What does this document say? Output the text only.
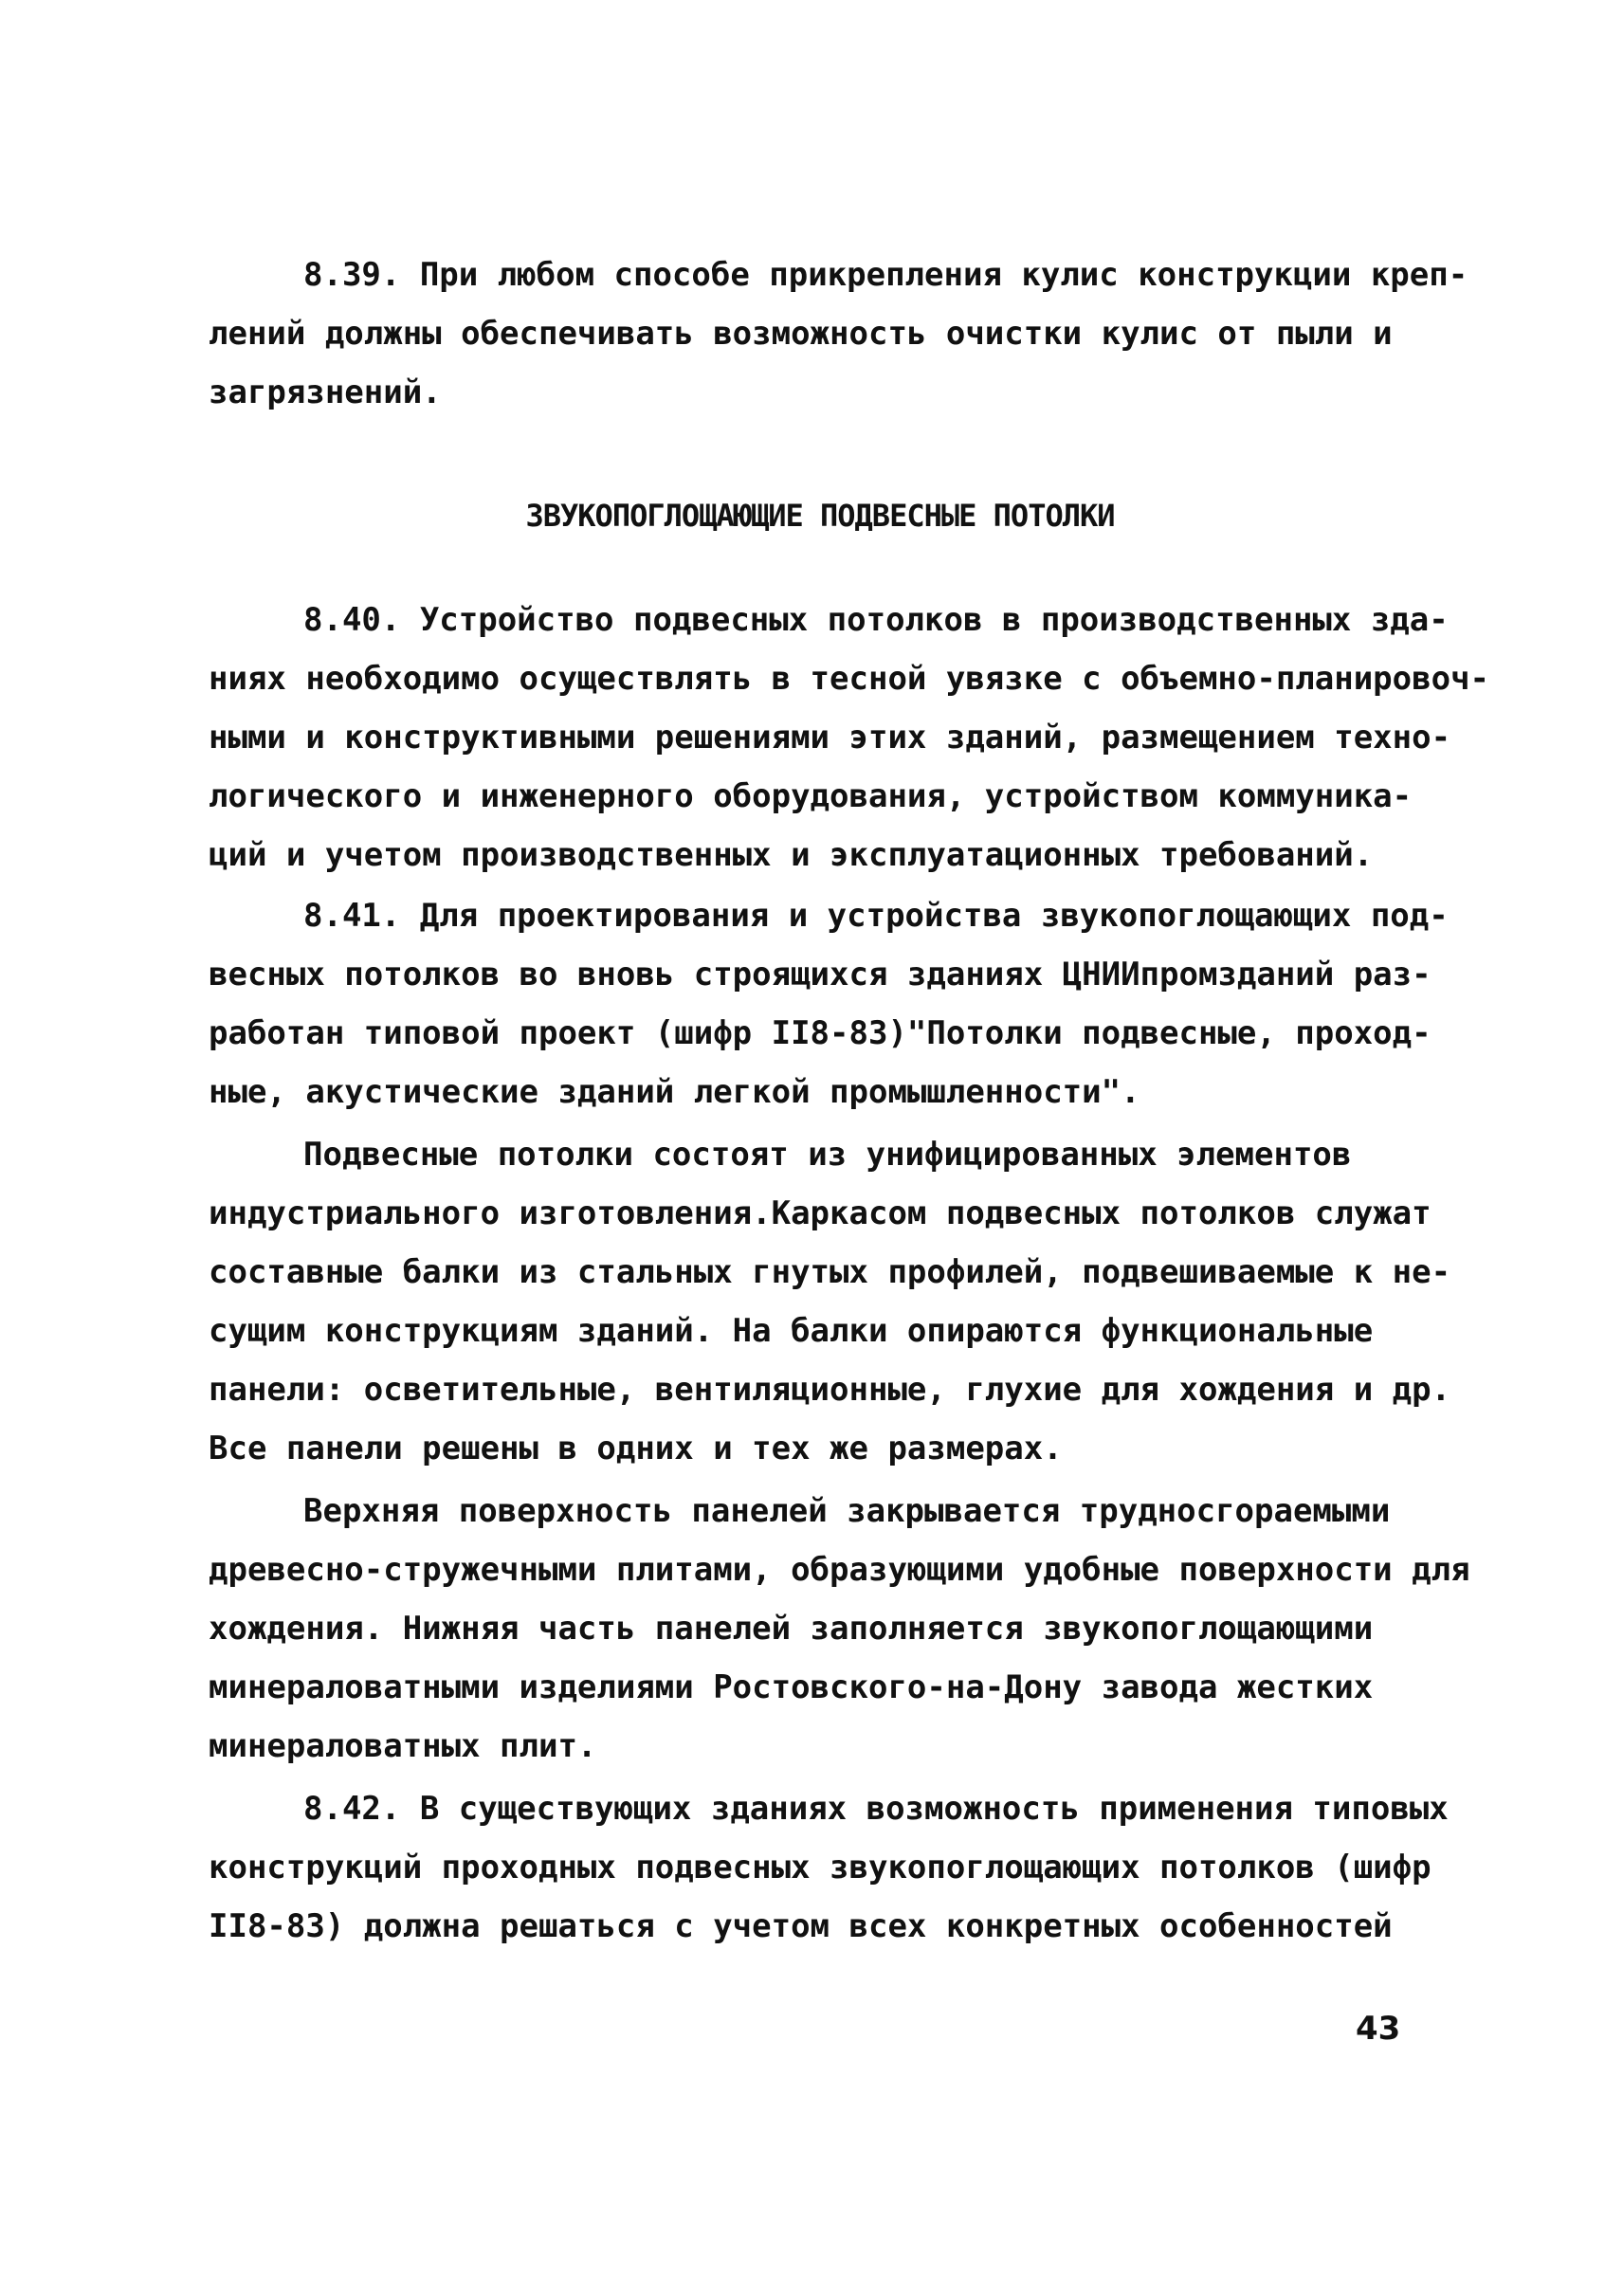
8.39. При любом способе прикрепления кулис конструкции креп-
лений должны обеспечивать возможность очистки кулис от пыли и
загрязнений.
ЗВУКОПОГЛОЩАЮЩИЕ ПОДВЕСНЫЕ ПОТОЛКИ
8.40. Устройство подвесных потолков в производственных зда-
ниях необходимо осуществлять в тесной увязке с объемно-планировоч-
ными и конструктивными решениями этих зданий, размещением техно-
логического и инженерного оборудования, устройством коммуника-
ций и учетом производственных и эксплуатационных требований.
8.41. Для проектирования и устройства звукопоглощающих под-
весных потолков во вновь строящихся зданиях ЦНИИпромзданий раз-
работан типовой проект (шифр II8-83)"Потолки подвесные, проход-
ные, акустические зданий легкой промышленности".
Подвесные потолки состоят из унифицированных элементов
индустриального изготовления.Каркасом подвесных потолков служат
составные балки из стальных гнутых профилей, подвешиваемые к не-
сущим конструкциям зданий. На балки опираются функциональные
панели: осветительные, вентиляционные, глухие для хождения и др.
Все панели решены в одних и тех же размерах.
Верхняя поверхность панелей закрывается трудносгораемыми
древесно-стружечными плитами, образующими удобные поверхности для
хождения. Нижняя часть панелей заполняется звукопоглощающими
минераловатными изделиями Ростовского-на-Дону завода жестких
минераловатных плит.
8.42. В существующих зданиях возможность применения типовых
конструкций проходных подвесных звукопоглощающих потолков (шифр
II8-83) должна решаться с учетом всех конкретных особенностей
43
